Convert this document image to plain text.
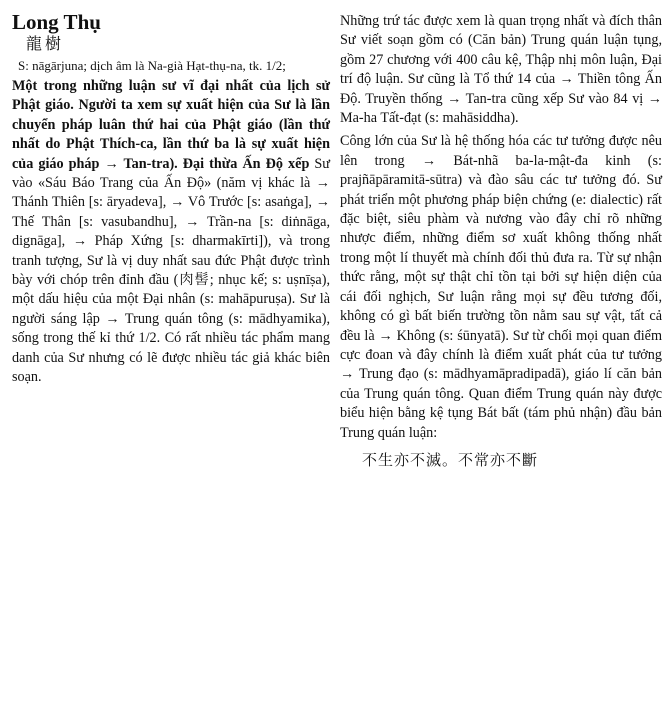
Long Thụ
龍樹
S: nāgārjuna; dịch âm là Na-già Hạt-thụ-na, tk. 1/2;

Một trong những luận sư vĩ đại nhất của lịch sử Phật giáo. Người ta xem sự xuất hiện của Sư là lần chuyển pháp luân thứ hai của Phật giáo (lần thứ nhất do Phật Thích-ca, lần thứ ba là sự xuất hiện của giáo pháp → Tan-tra). Đại thừa Ấn Độ xếp Sư vào «Sáu Báo Trang của Ấn Độ» (năm vị khác là → Thánh Thiên [s: āryadeva], → Vô Trước [s: asaṅga], → Thế Thân [s: vasubandhu], → Trần-na [s: diṅnāga, dignāga], → Pháp Xứng [s: dharmakīrti]), và trong tranh tượng, Sư là vị duy nhất sau đức Phật được trình bày với chóp trên đỉnh đầu (肉髻; nhục kế; s: uṣnīṣa), một dấu hiệu của một Đại nhân (s: mahāpuruṣa). Sư là người sáng lập → Trung quán tông (s: mādhyamika), sống trong thế kỉ thứ 1/2. Có rất nhiều tác phẩm mang danh của Sư nhưng có lẽ được nhiều tác giả khác biên soạn.

Những trứ tác được xem là quan trọng nhất và đích thân Sư viết soạn gồm có (Căn bản) Trung quán luận tụng, gồm 27 chương với 400 câu kệ, Thập nhị môn luận, Đại trí độ luận. Sư cũng là Tổ thứ 14 của → Thiền tông Ấn Độ. Truyền thống → Tan-tra cũng xếp Sư vào 84 vị → Ma-ha Tất-đạt (s: mahāsiddha).

Công lớn của Sư là hệ thống hóa các tư tưởng được nêu lên trong → Bát-nhã ba-la-mật-đa kinh (s: prajñāpāramitā-sūtra) và đào sâu các tư tưởng đó. Sư phát triển một phương pháp biện chứng (e: dialectic) rất đặc biệt, siêu phàm và nương vào đây chỉ rõ những nhược điểm, những điểm sơ xuất không thống nhất trong một lí thuyết mà chính đối thủ đưa ra. Từ sự nhận thức rằng, một sự thật chỉ tồn tại bởi sự hiện diện của cái đối nghịch, Sư luận rằng mọi sự đều tương đối, không có gì bất biến trường tồn nằm sau sự vật, tất cả đều là → Không (s: śūnyatā). Sư từ chối mọi quan điểm cực đoan và đây chính là điểm xuất phát của tư tưởng → Trung đạo (s: mādhyamāpradipadā), giáo lí căn bản của Trung quán tông. Quan điểm Trung quán này được biểu hiện bằng kệ tụng Bát bất (tám phủ nhận) đầu bản Trung quán luận:

不生亦不滅。不常亦不斷
